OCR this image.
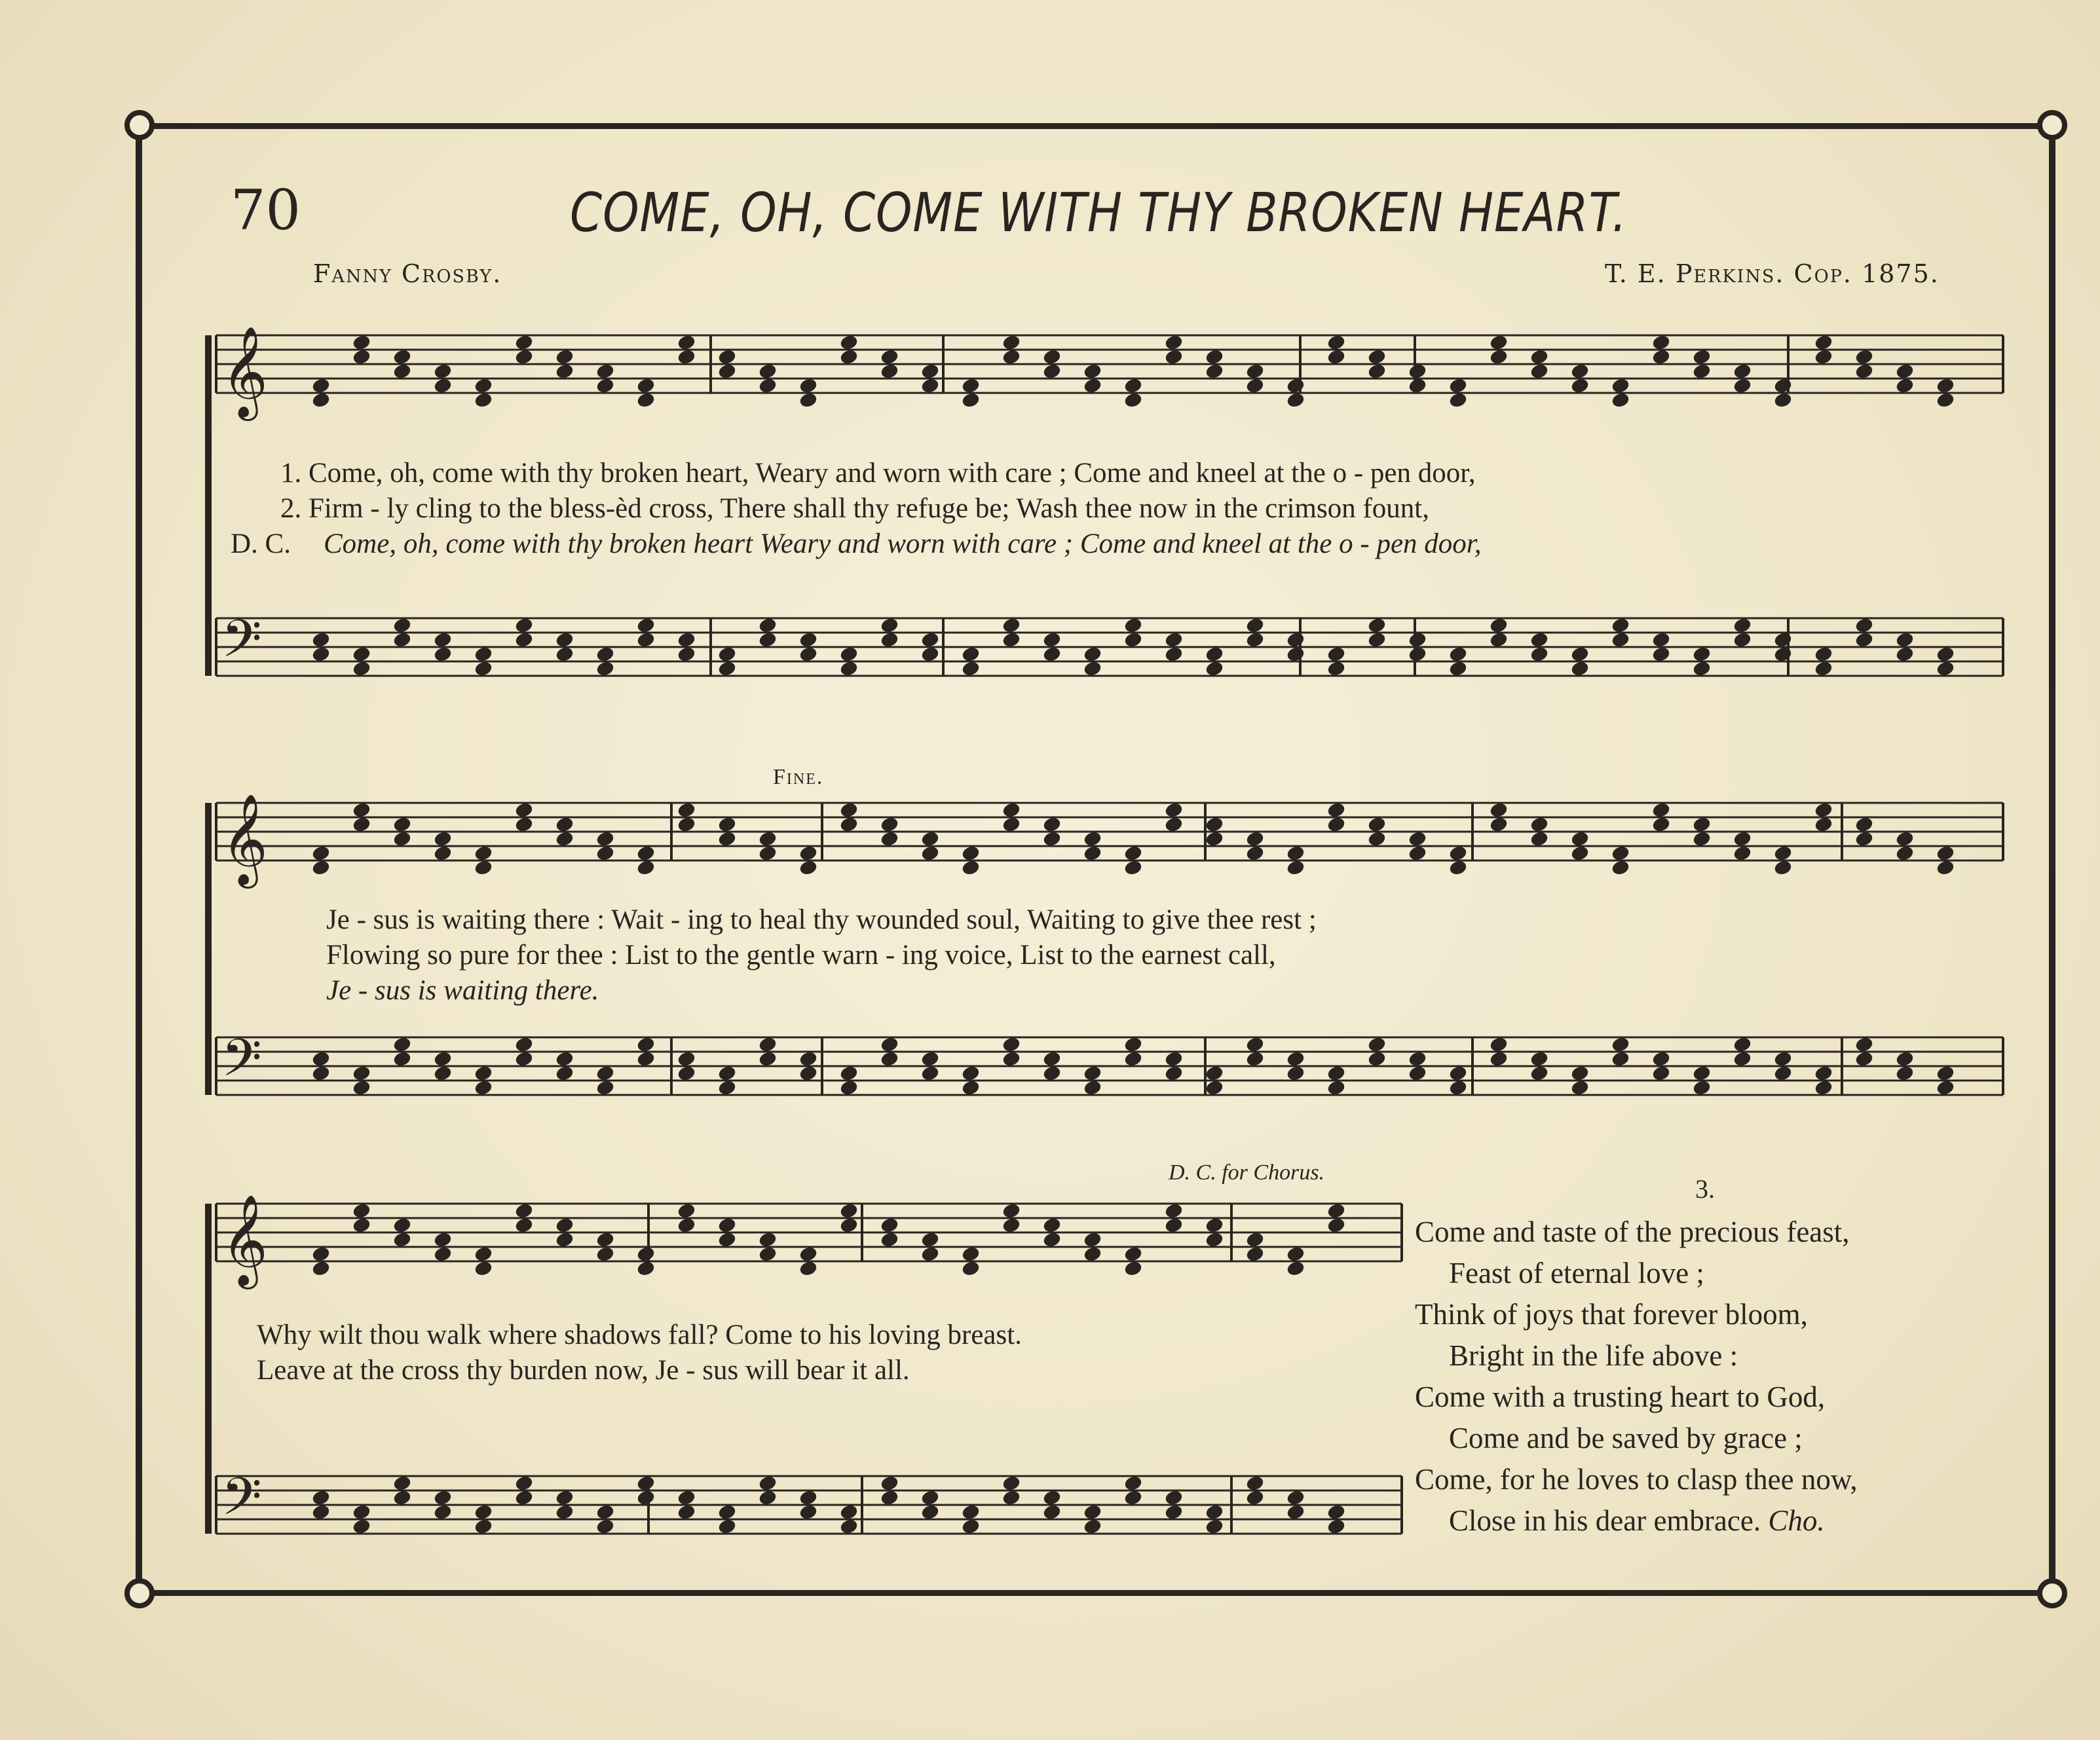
70	COME, OH, COME WITH THY BROKEN HEART.
Fanny Crosby.	T. E. Perkins. Cop. 1875.
𝄞
𝄢
𝄞
𝄢
𝄞
𝄢
1. Come, oh, come with thy broken heart, Weary and worn with care ; Come and kneel at the o - pen door,
2. Firm - ly cling to the bless-èd cross, There shall thy refuge be; Wash thee now in the crimson fount,
D. C. Come, oh, come with thy broken heart Weary and worn with care ; Come and kneel at the o - pen door,
Fine.
Je - sus is waiting there : Wait - ing to heal thy wounded soul, Waiting to give thee rest ;
Flowing so pure for thee : List to the gentle warn - ing voice, List to the earnest call,
Je - sus is waiting there.
D. C. for Chorus.
Why wilt thou walk where shadows fall? Come to his loving breast.
Leave at the cross thy burden now, Je - sus will bear it all.
3.
Come and taste of the precious feast,
Feast of eternal love ;
Think of joys that forever bloom,
Bright in the life above :
Come with a trusting heart to God,
Come and be saved by grace ;
Come, for he loves to clasp thee now,
Close in his dear embrace. Cho.
